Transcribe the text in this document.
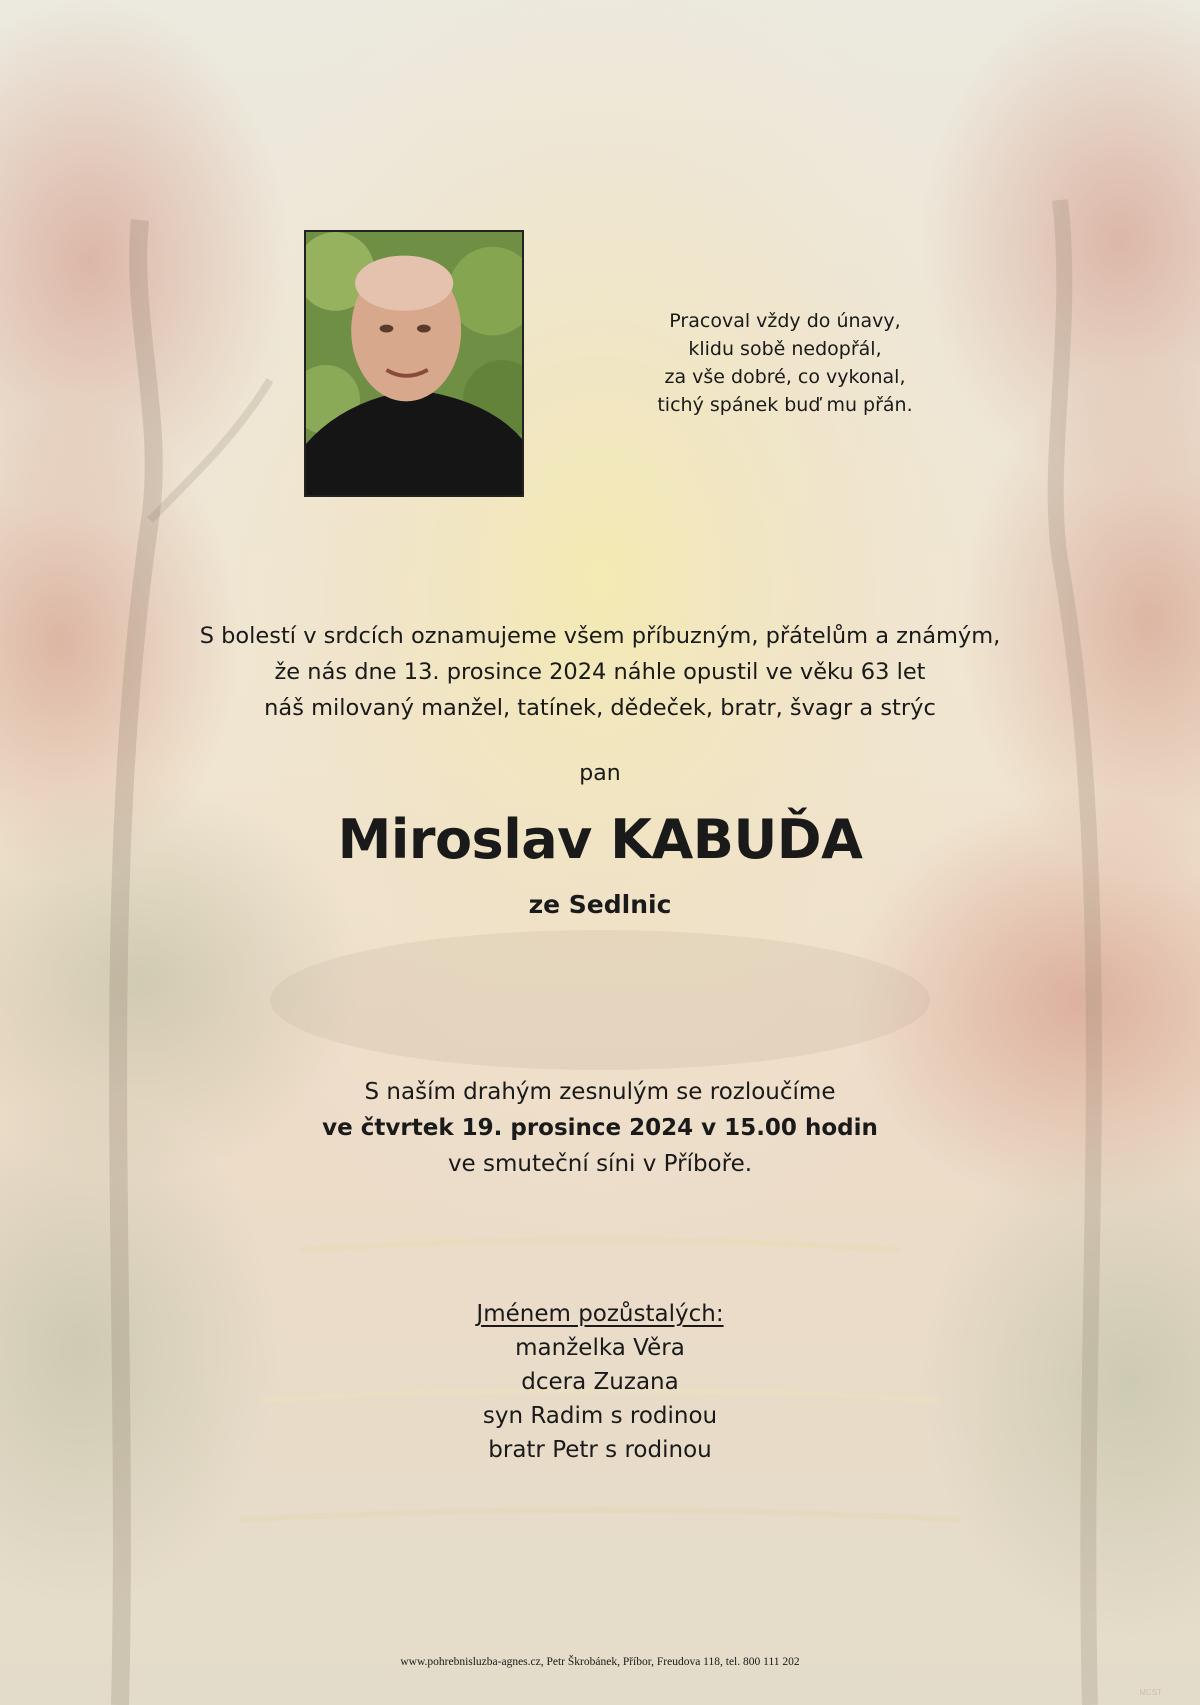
Pracoval vždy do únavy,
klidu sobě nedopřál,
za vše dobré, co vykonal,
tichý spánek buď mu přán.
S bolestí v srdcích oznamujeme všem příbuzným, přátelům a známým,
že nás dne 13. prosince 2024 náhle opustil ve věku 63 let
náš milovaný manžel, tatínek, dědeček, bratr, švagr a strýc
pan
Miroslav KABUĎA
ze Sedlnic
S naším drahým zesnulým se rozloučíme
ve čtvrtek 19. prosince 2024 v 15.00 hodin
ve smuteční síni v Příboře.
Jménem pozůstalých:
manželka Věra
dcera Zuzana
syn Radim s rodinou
bratr Petr s rodinou
www.pohrebnisluzba-agnes.cz, Petr Škrobánek, Příbor, Freudova 118, tel. 800 111 202
MCST
